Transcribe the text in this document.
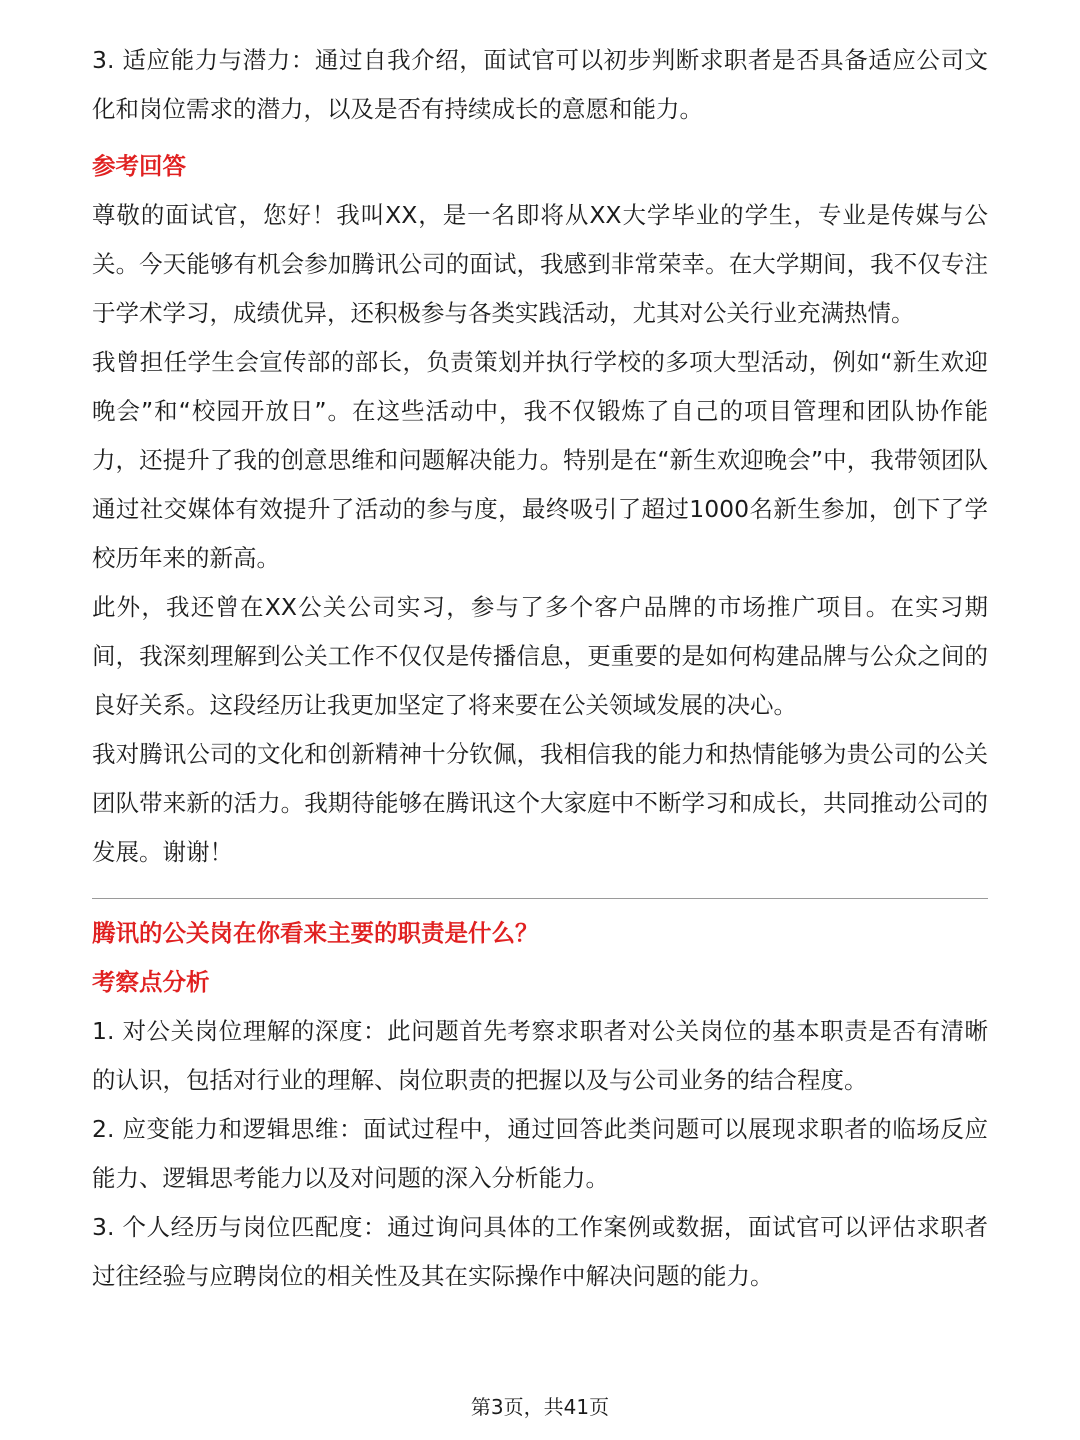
3. 适应能力与潜力：通过自我介绍，面试官可以初步判断求职者是否具备适应公司文化和岗位需求的潜力，以及是否有持续成长的意愿和能力。

参考回答

尊敬的面试官，您好！我叫XX，是一名即将从XX大学毕业的学生，专业是传媒与公关。今天能够有机会参加腾讯公司的面试，我感到非常荣幸。在大学期间，我不仅专注于学术学习，成绩优异，还积极参与各类实践活动，尤其对公关行业充满热情。

我曾担任学生会宣传部的部长，负责策划并执行学校的多项大型活动，例如“新生欢迎晚会”和“校园开放日”。在这些活动中，我不仅锻炼了自己的项目管理和团队协作能力，还提升了我的创意思维和问题解决能力。特别是在“新生欢迎晚会”中，我带领团队通过社交媒体有效提升了活动的参与度，最终吸引了超过1000名新生参加，创下了学校历年来的新高。

此外，我还曾在XX公关公司实习，参与了多个客户品牌的市场推广项目。在实习期间，我深刻理解到公关工作不仅仅是传播信息，更重要的是如何构建品牌与公众之间的良好关系。这段经历让我更加坚定了将来要在公关领域发展的决心。

我对腾讯公司的文化和创新精神十分钦佩，我相信我的能力和热情能够为贵公司的公关团队带来新的活力。我期待能够在腾讯这个大家庭中不断学习和成长，共同推动公司的发展。谢谢！

腾讯的公关岗在你看来主要的职责是什么？

考察点分析

1. 对公关岗位理解的深度：此问题首先考察求职者对公关岗位的基本职责是否有清晰的认识，包括对行业的理解、岗位职责的把握以及与公司业务的结合程度。

2. 应变能力和逻辑思维：面试过程中，通过回答此类问题可以展现求职者的临场反应能力、逻辑思考能力以及对问题的深入分析能力。

3. 个人经历与岗位匹配度：通过询问具体的工作案例或数据，面试官可以评估求职者过往经验与应聘岗位的相关性及其在实际操作中解决问题的能力。

第3页，共41页
